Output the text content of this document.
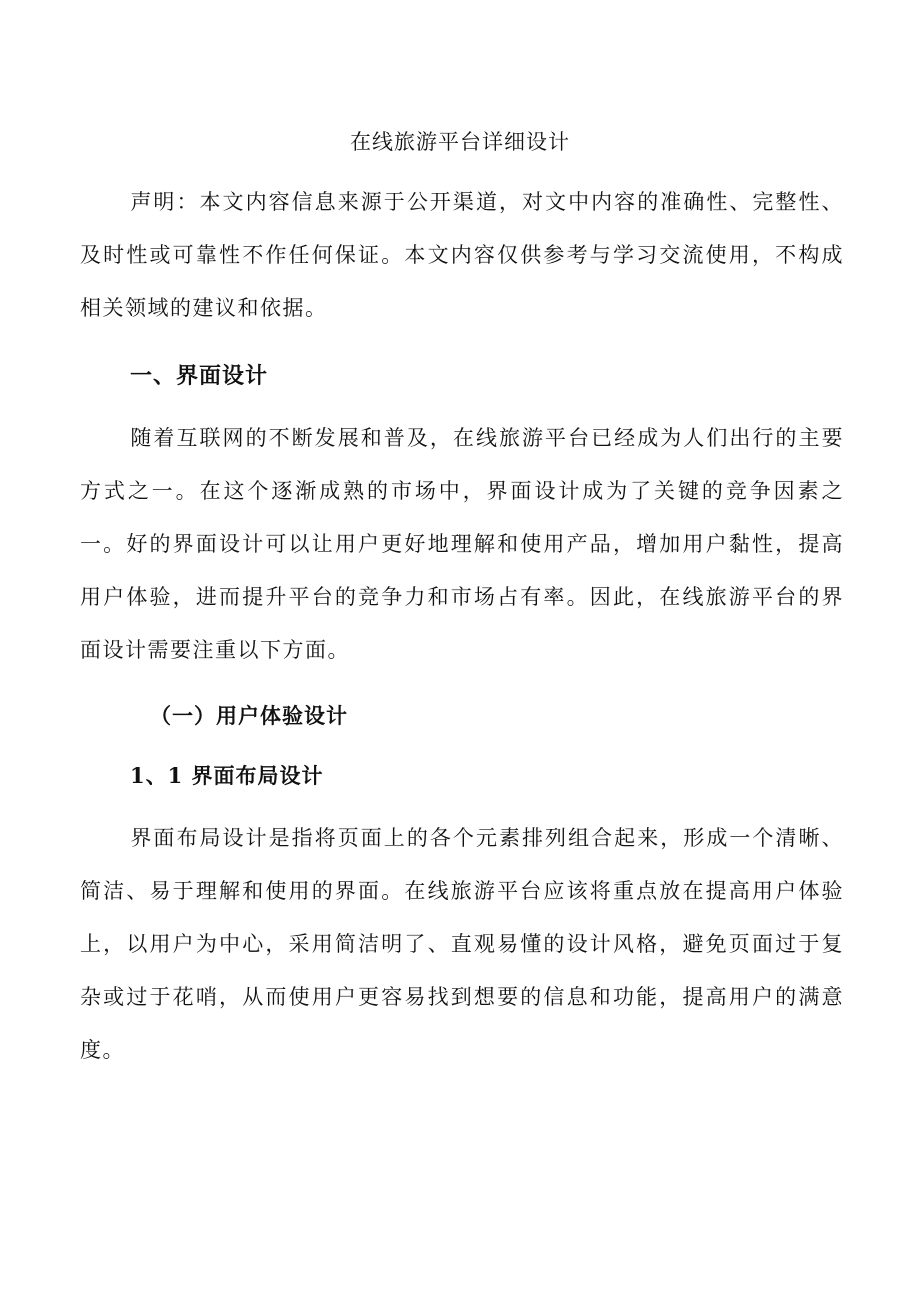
在线旅游平台详细设计

声明：本文内容信息来源于公开渠道，对文中内容的准确性、完整性、及时性或可靠性不作任何保证。本文内容仅供参考与学习交流使用，不构成相关领域的建议和依据。

一、界面设计

随着互联网的不断发展和普及，在线旅游平台已经成为人们出行的主要方式之一。在这个逐渐成熟的市场中，界面设计成为了关键的竞争因素之一。好的界面设计可以让用户更好地理解和使用产品，增加用户黏性，提高用户体验，进而提升平台的竞争力和市场占有率。因此，在线旅游平台的界面设计需要注重以下方面。

（一）用户体验设计
1、1 界面布局设计

界面布局设计是指将页面上的各个元素排列组合起来，形成一个清晰、简洁、易于理解和使用的界面。在线旅游平台应该将重点放在提高用户体验上，以用户为中心，采用简洁明了、直观易懂的设计风格，避免页面过于复杂或过于花哨，从而使用户更容易找到想要的信息和功能，提高用户的满意度。
